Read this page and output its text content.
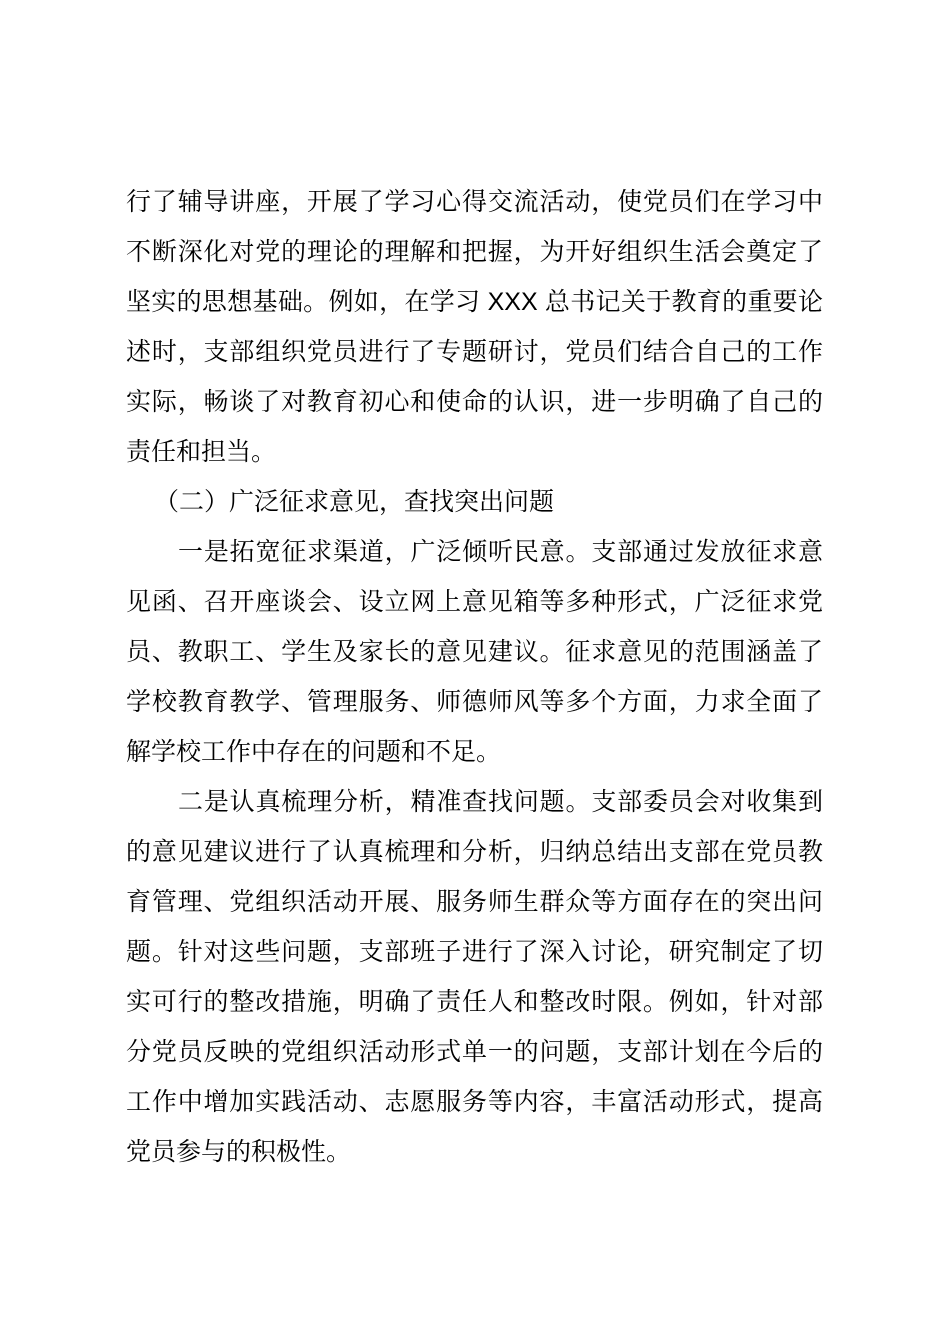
行了辅导讲座，开展了学习心得交流活动，使党员们在学习中
不断深化对党的理论的理解和把握，为开好组织生活会奠定了
坚实的思想基础。例如，在学习 XXX 总书记关于教育的重要论
述时，支部组织党员进行了专题研讨，党员们结合自己的工作
实际，畅谈了对教育初心和使命的认识，进一步明确了自己的
责任和担当。
（二）广泛征求意见，查找突出问题
一是拓宽征求渠道，广泛倾听民意。支部通过发放征求意
见函、召开座谈会、设立网上意见箱等多种形式，广泛征求党
员、教职工、学生及家长的意见建议。征求意见的范围涵盖了
学校教育教学、管理服务、师德师风等多个方面，力求全面了
解学校工作中存在的问题和不足。
二是认真梳理分析，精准查找问题。支部委员会对收集到
的意见建议进行了认真梳理和分析，归纳总结出支部在党员教
育管理、党组织活动开展、服务师生群众等方面存在的突出问
题。针对这些问题，支部班子进行了深入讨论，研究制定了切
实可行的整改措施，明确了责任人和整改时限。例如，针对部
分党员反映的党组织活动形式单一的问题，支部计划在今后的
工作中增加实践活动、志愿服务等内容，丰富活动形式，提高
党员参与的积极性。
